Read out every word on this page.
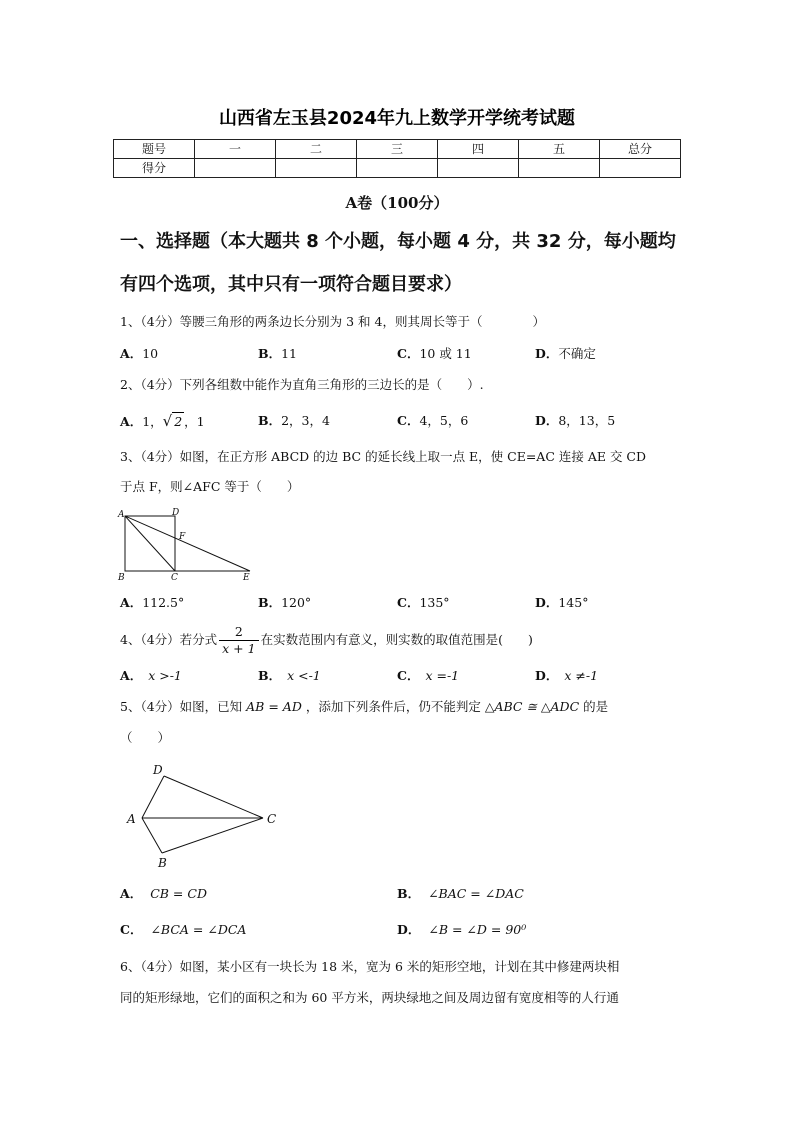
山西省左玉县2024年九上数学开学统考试题
题号	一	二	三	四	五	总分
得分						
A卷（100分）
一、选择题（本大题共 8 个小题，每小题 4 分，共 32 分，每小题均
有四个选项，其中只有一项符合题目要求）
1、（4分）等腰三角形的两条边长分别为 3 和 4，则其周长等于（　　　　）
A．10	B．11	C．10 或 11	D．不确定
2、（4分）下列各组数中能作为直角三角形的三边长的是（　　）.
A．1，√ 2 ，1	B．2，3，4	C．4，5，6	D．8，13，5
3、（4分）如图，在正方形 ABCD 的边 BC 的延长线上取一点 E，使 CE=AC 连接 AE 交 CD
于点 F，则∠AFC 等于（　　）
A	D
F
B	C	E
A．112.5°	B．120°	C．135°	D．145°
4、（4分）若分式 $\frac{2}{x + 1}$ 在实数范围内有意义，则实数的取值范围是(　　)
A． x >-1	B． x <-1	C． x =-1	D． x ≠-1
5、（4分）如图，已知 AB = AD ，添加下列条件后，仍不能判定 △ABC ≅ △ADC 的是
（　　）
D
A	C
B
A． CB = CD	B． ∠BAC = ∠DAC
C． ∠BCA = ∠DCA	D． ∠B = ∠D = 90⁰
6、（4分）如图，某小区有一块长为 18 米，宽为 6 米的矩形空地，计划在其中修建两块相
同的矩形绿地，它们的面积之和为 60 平方米，两块绿地之间及周边留有宽度相等的人行通
